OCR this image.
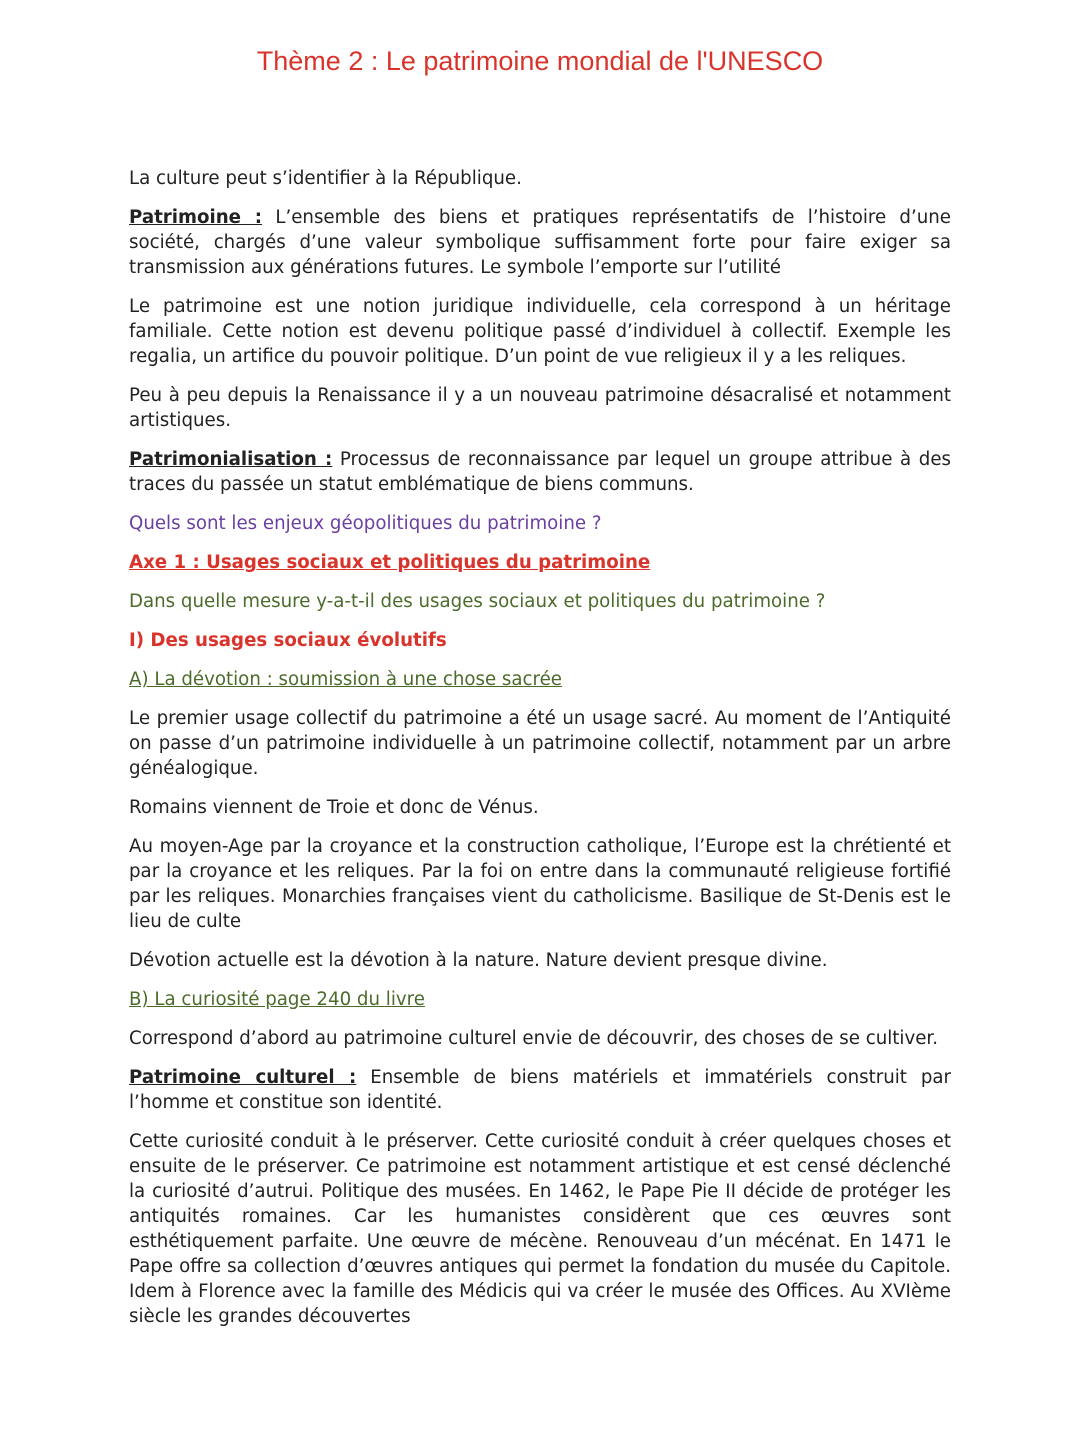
Thème 2 : Le patrimoine mondial de l'UNESCO

La culture peut s’identifier à la République.

Patrimoine : L’ensemble des biens et pratiques représentatifs de l’histoire d’une société, chargés d’une valeur symbolique suffisamment forte pour faire exiger sa transmission aux générations futures. Le symbole l’emporte sur l’utilité

Le patrimoine est une notion juridique individuelle, cela correspond à un héritage familiale. Cette notion est devenu politique passé d’individuel à collectif. Exemple les regalia, un artifice du pouvoir politique. D’un point de vue religieux il y a les reliques.

Peu à peu depuis la Renaissance il y a un nouveau patrimoine désacralisé et notamment artistiques.

Patrimonialisation : Processus de reconnaissance par lequel un groupe attribue à des traces du passée un statut emblématique de biens communs.

Quels sont les enjeux géopolitiques du patrimoine ?

Axe 1 : Usages sociaux et politiques du patrimoine

Dans quelle mesure y-a-t-il des usages sociaux et politiques du patrimoine ?

I) Des usages sociaux évolutifs

A) La dévotion : soumission à une chose sacrée

Le premier usage collectif du patrimoine a été un usage sacré. Au moment de l’Antiquité on passe d’un patrimoine individuelle à un patrimoine collectif, notamment par un arbre généalogique.

Romains viennent de Troie et donc de Vénus.

Au moyen-Age par la croyance et la construction catholique, l’Europe est la chrétienté et par la croyance et les reliques. Par la foi on entre dans la communauté religieuse fortifié par les reliques. Monarchies françaises vient du catholicisme. Basilique de St-Denis est le lieu de culte

Dévotion actuelle est la dévotion à la nature. Nature devient presque divine.

B) La curiosité page 240 du livre

Correspond d’abord au patrimoine culturel envie de découvrir, des choses de se cultiver.

Patrimoine culturel : Ensemble de biens matériels et immatériels construit par l’homme et constitue son identité.

Cette curiosité conduit à le préserver. Cette curiosité conduit à créer quelques choses et ensuite de le préserver. Ce patrimoine est notamment artistique et est censé déclenché la curiosité d’autrui. Politique des musées. En 1462, le Pape Pie II décide de protéger les antiquités romaines. Car les humanistes considèrent que ces œuvres sont esthétiquement parfaite. Une œuvre de mécène. Renouveau d’un mécénat. En 1471 le Pape offre sa collection d’œuvres antiques qui permet la fondation du musée du Capitole. Idem à Florence avec la famille des Médicis qui va créer le musée des Offices. Au XVIème siècle les grandes découvertes
